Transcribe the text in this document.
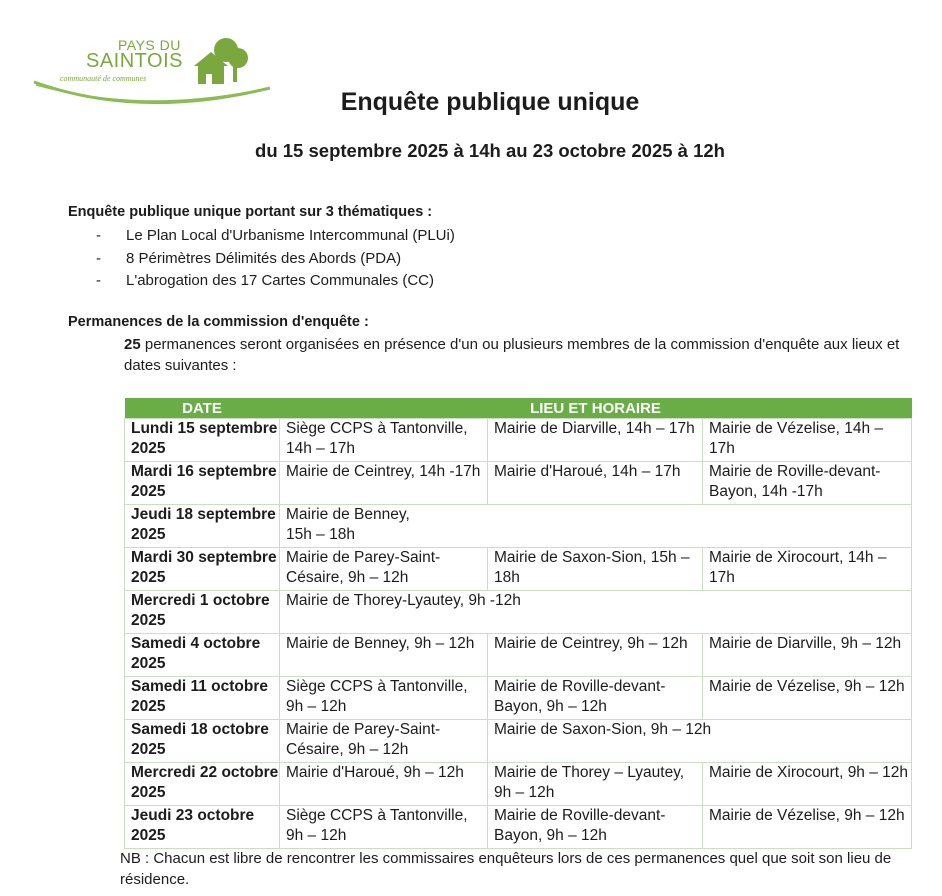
PAYS DU
SAINTOIS
communauté de communes
Enquête publique unique
du 15 septembre 2025 à 14h au 23 octobre 2025 à 12h
Enquête publique unique portant sur 3 thématiques :
- Le Plan Local d'Urbanisme Intercommunal (PLUi)
- 8 Périmètres Délimités des Abords (PDA)
- L'abrogation des 17 Cartes Communales (CC)
Permanences de la commission d'enquête :
25 permanences seront organisées en présence d'un ou plusieurs membres de la commission d'enquête aux lieux et dates suivantes :
DATE	LIEU ET HORAIRE		
Lundi 15 septembre 2025	Siège CCPS à Tantonville, 14h – 17h	Mairie de Diarville, 14h – 17h	Mairie de Vézelise, 14h – 17h
Mardi 16 septembre 2025	Mairie de Ceintrey, 14h -17h	Mairie d'Haroué, 14h – 17h	Mairie de Roville-devant-Bayon, 14h -17h
Jeudi 18 septembre 2025	Mairie de Benney, 15h – 18h		
Mardi 30 septembre 2025	Mairie de Parey-Saint-Césaire, 9h – 12h	Mairie de Saxon-Sion, 15h – 18h	Mairie de Xirocourt, 14h – 17h
Mercredi 1 octobre 2025	Mairie de Thorey-Lyautey, 9h -12h		
Samedi 4 octobre 2025	Mairie de Benney, 9h – 12h	Mairie de Ceintrey, 9h – 12h	Mairie de Diarville, 9h – 12h
Samedi 11 octobre 2025	Siège CCPS à Tantonville, 9h – 12h	Mairie de Roville-devant-Bayon, 9h – 12h	Mairie de Vézelise, 9h – 12h
Samedi 18 octobre 2025	Mairie de Parey-Saint-Césaire, 9h – 12h	Mairie de Saxon-Sion, 9h – 12h	
Mercredi 22 octobre 2025	Mairie d'Haroué, 9h – 12h	Mairie de Thorey – Lyautey, 9h – 12h	Mairie de Xirocourt, 9h – 12h
Jeudi 23 octobre 2025	Siège CCPS à Tantonville, 9h – 12h	Mairie de Roville-devant-Bayon, 9h – 12h	Mairie de Vézelise, 9h – 12h
NB : Chacun est libre de rencontrer les commissaires enquêteurs lors de ces permanences quel que soit son lieu de résidence.
